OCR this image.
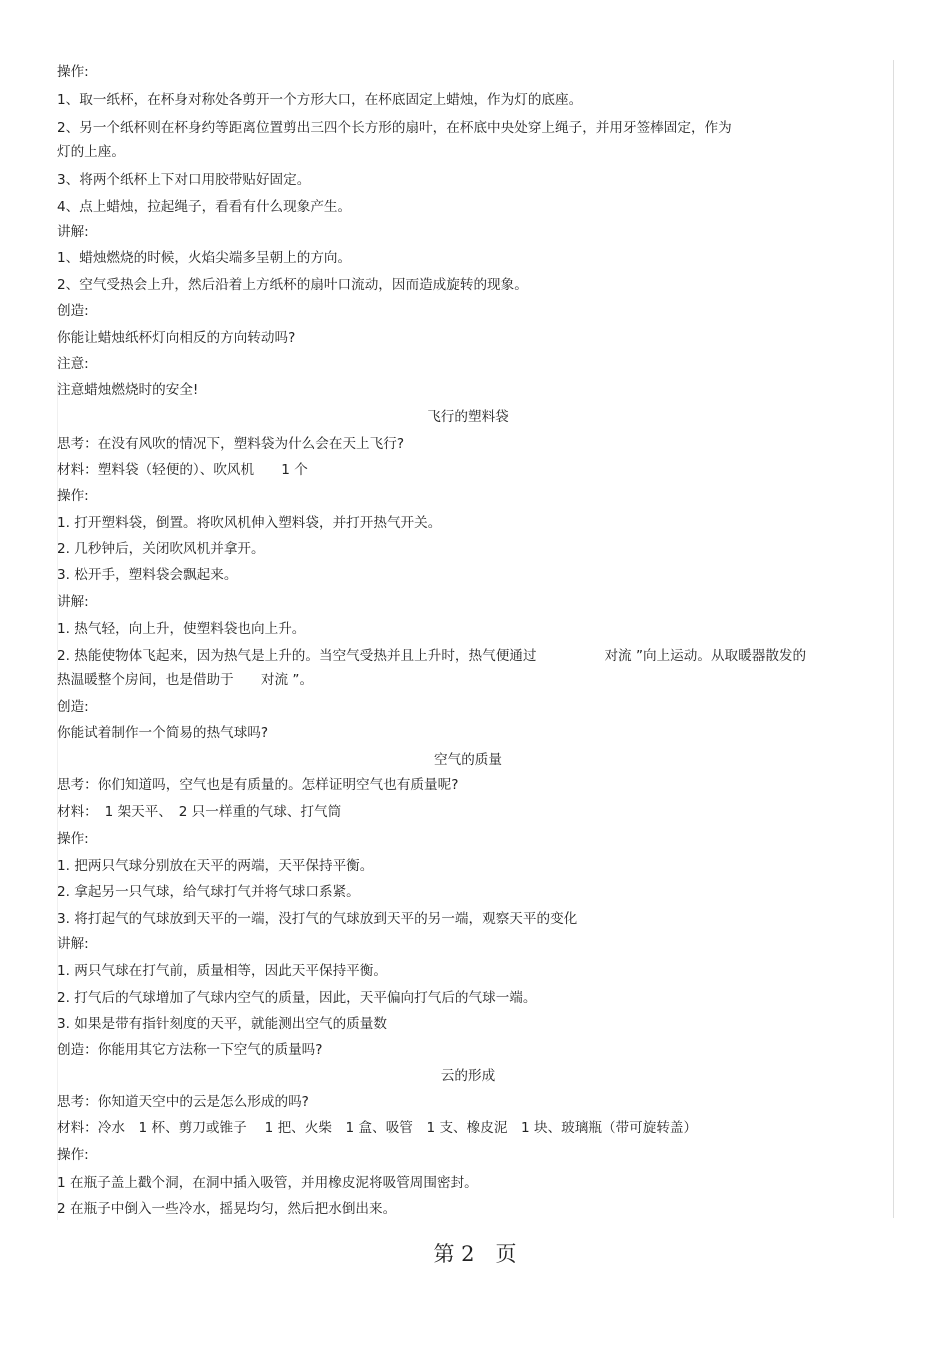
操作:
1、取一纸杯，在杯身对称处各剪开一个方形大口，在杯底固定上蜡烛，作为灯的底座。
2、另一个纸杯则在杯身约等距离位置剪出三四个长方形的扇叶，在杯底中央处穿上绳子，并用牙签棒固定，作为
灯的上座。
3、将两个纸杯上下对口用胶带贴好固定。
4、点上蜡烛，拉起绳子，看看有什么现象产生。
讲解:
1、蜡烛燃烧的时候，火焰尖端多呈朝上的方向。
2、空气受热会上升，然后沿着上方纸杯的扇叶口流动，因而造成旋转的现象。
创造:
你能让蜡烛纸杯灯向相反的方向转动吗?
注意:
注意蜡烛燃烧时的安全!
飞行的塑料袋
思考：在没有风吹的情况下，塑料袋为什么会在天上飞行?
材料：塑料袋（轻便的）、吹风机　　1 个
操作:
1. 打开塑料袋，倒置。将吹风机伸入塑料袋，并打开热气开关。
2. 几秒钟后，关闭吹风机并拿开。
3. 松开手，塑料袋会飘起来。
讲解:
1. 热气轻，向上升，使塑料袋也向上升。
2. 热能使物体飞起来，因为热气是上升的。当空气受热并且上升时，热气便通过　　　　　对流 ”向上运动。从取暖器散发的
热温暖整个房间，也是借助于　　对流 ”。
创造:
你能试着制作一个简易的热气球吗?
空气的质量
思考：你们知道吗，空气也是有质量的。怎样证明空气也有质量呢?
材料：　1 架天平、　2 只一样重的气球、打气筒
操作:
1. 把两只气球分别放在天平的两端，天平保持平衡。
2. 拿起另一只气球，给气球打气并将气球口系紧。
3. 将打起气的气球放到天平的一端，没打气的气球放到天平的另一端，观察天平的变化
讲解:
1. 两只气球在打气前，质量相等，因此天平保持平衡。
2. 打气后的气球增加了气球内空气的质量，因此，天平偏向打气后的气球一端。
3. 如果是带有指针刻度的天平，就能测出空气的质量数
创造：你能用其它方法称一下空气的质量吗?
云的形成
思考：你知道天空中的云是怎么形成的吗?
材料：冷水　1 杯、剪刀或锥子　 1 把、火柴　1 盒、吸管　1 支、橡皮泥　1 块、玻璃瓶（带可旋转盖）
操作:
1 在瓶子盖上戳个洞，在洞中插入吸管，并用橡皮泥将吸管周围密封。
2 在瓶子中倒入一些冷水，摇晃均匀，然后把水倒出来。
第 2　页
